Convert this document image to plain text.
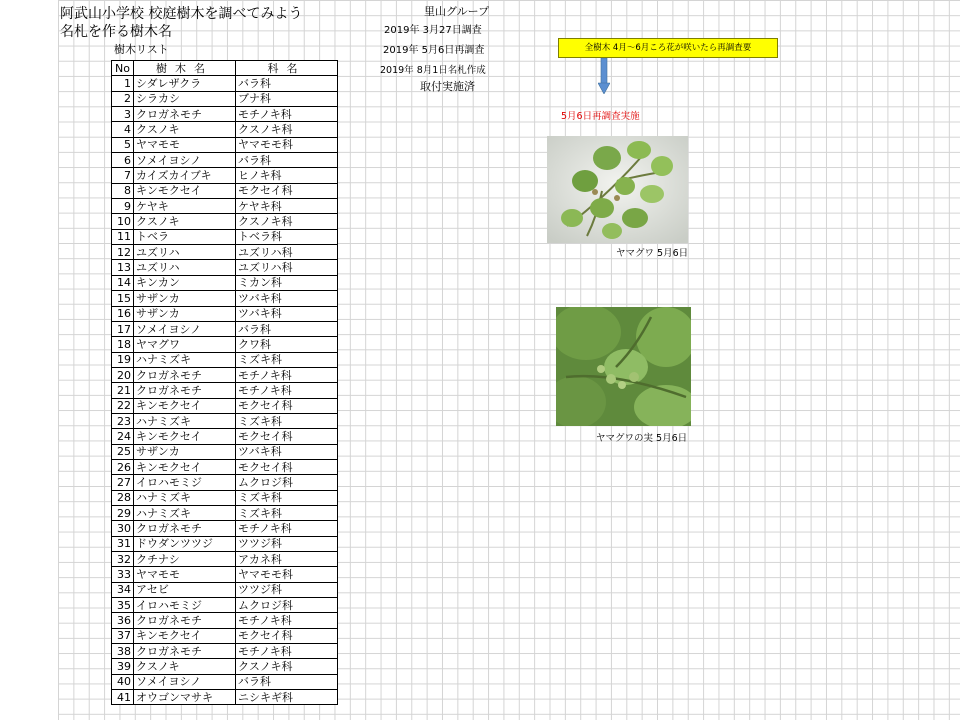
阿武山小学校 校庭樹木を調べてみよう
名札を作る樹木名
樹木リスト
里山グループ
2019年 3月27日調査
2019年 5月6日再調査
2019年 8月1日名札作成
取付実施済
全樹木 4月～6月ころ花が咲いたら再調査要
5月6日再調査実施
ヤマグワ 5月6日
ヤマグワの実 5月6日
No	樹木名	科名
1	シダレザクラ	バラ科
2	シラカシ	ブナ科
3	クロガネモチ	モチノキ科
4	クスノキ	クスノキ科
5	ヤマモモ	ヤマモモ科
6	ソメイヨシノ	バラ科
7	カイズカイブキ	ヒノキ科
8	キンモクセイ	モクセイ科
9	ケヤキ	ケヤキ科
10	クスノキ	クスノキ科
11	トベラ	トベラ科
12	ユズリハ	ユズリハ科
13	ユズリハ	ユズリハ科
14	キンカン	ミカン科
15	サザンカ	ツバキ科
16	サザンカ	ツバキ科
17	ソメイヨシノ	バラ科
18	ヤマグワ	クワ科
19	ハナミズキ	ミズキ科
20	クロガネモチ	モチノキ科
21	クロガネモチ	モチノキ科
22	キンモクセイ	モクセイ科
23	ハナミズキ	ミズキ科
24	キンモクセイ	モクセイ科
25	サザンカ	ツバキ科
26	キンモクセイ	モクセイ科
27	イロハモミジ	ムクロジ科
28	ハナミズキ	ミズキ科
29	ハナミズキ	ミズキ科
30	クロガネモチ	モチノキ科
31	ドウダンツツジ	ツツジ科
32	クチナシ	アカネ科
33	ヤマモモ	ヤマモモ科
34	アセビ	ツツジ科
35	イロハモミジ	ムクロジ科
36	クロガネモチ	モチノキ科
37	キンモクセイ	モクセイ科
38	クロガネモチ	モチノキ科
39	クスノキ	クスノキ科
40	ソメイヨシノ	バラ科
41	オウゴンマサキ	ニシキギ科
